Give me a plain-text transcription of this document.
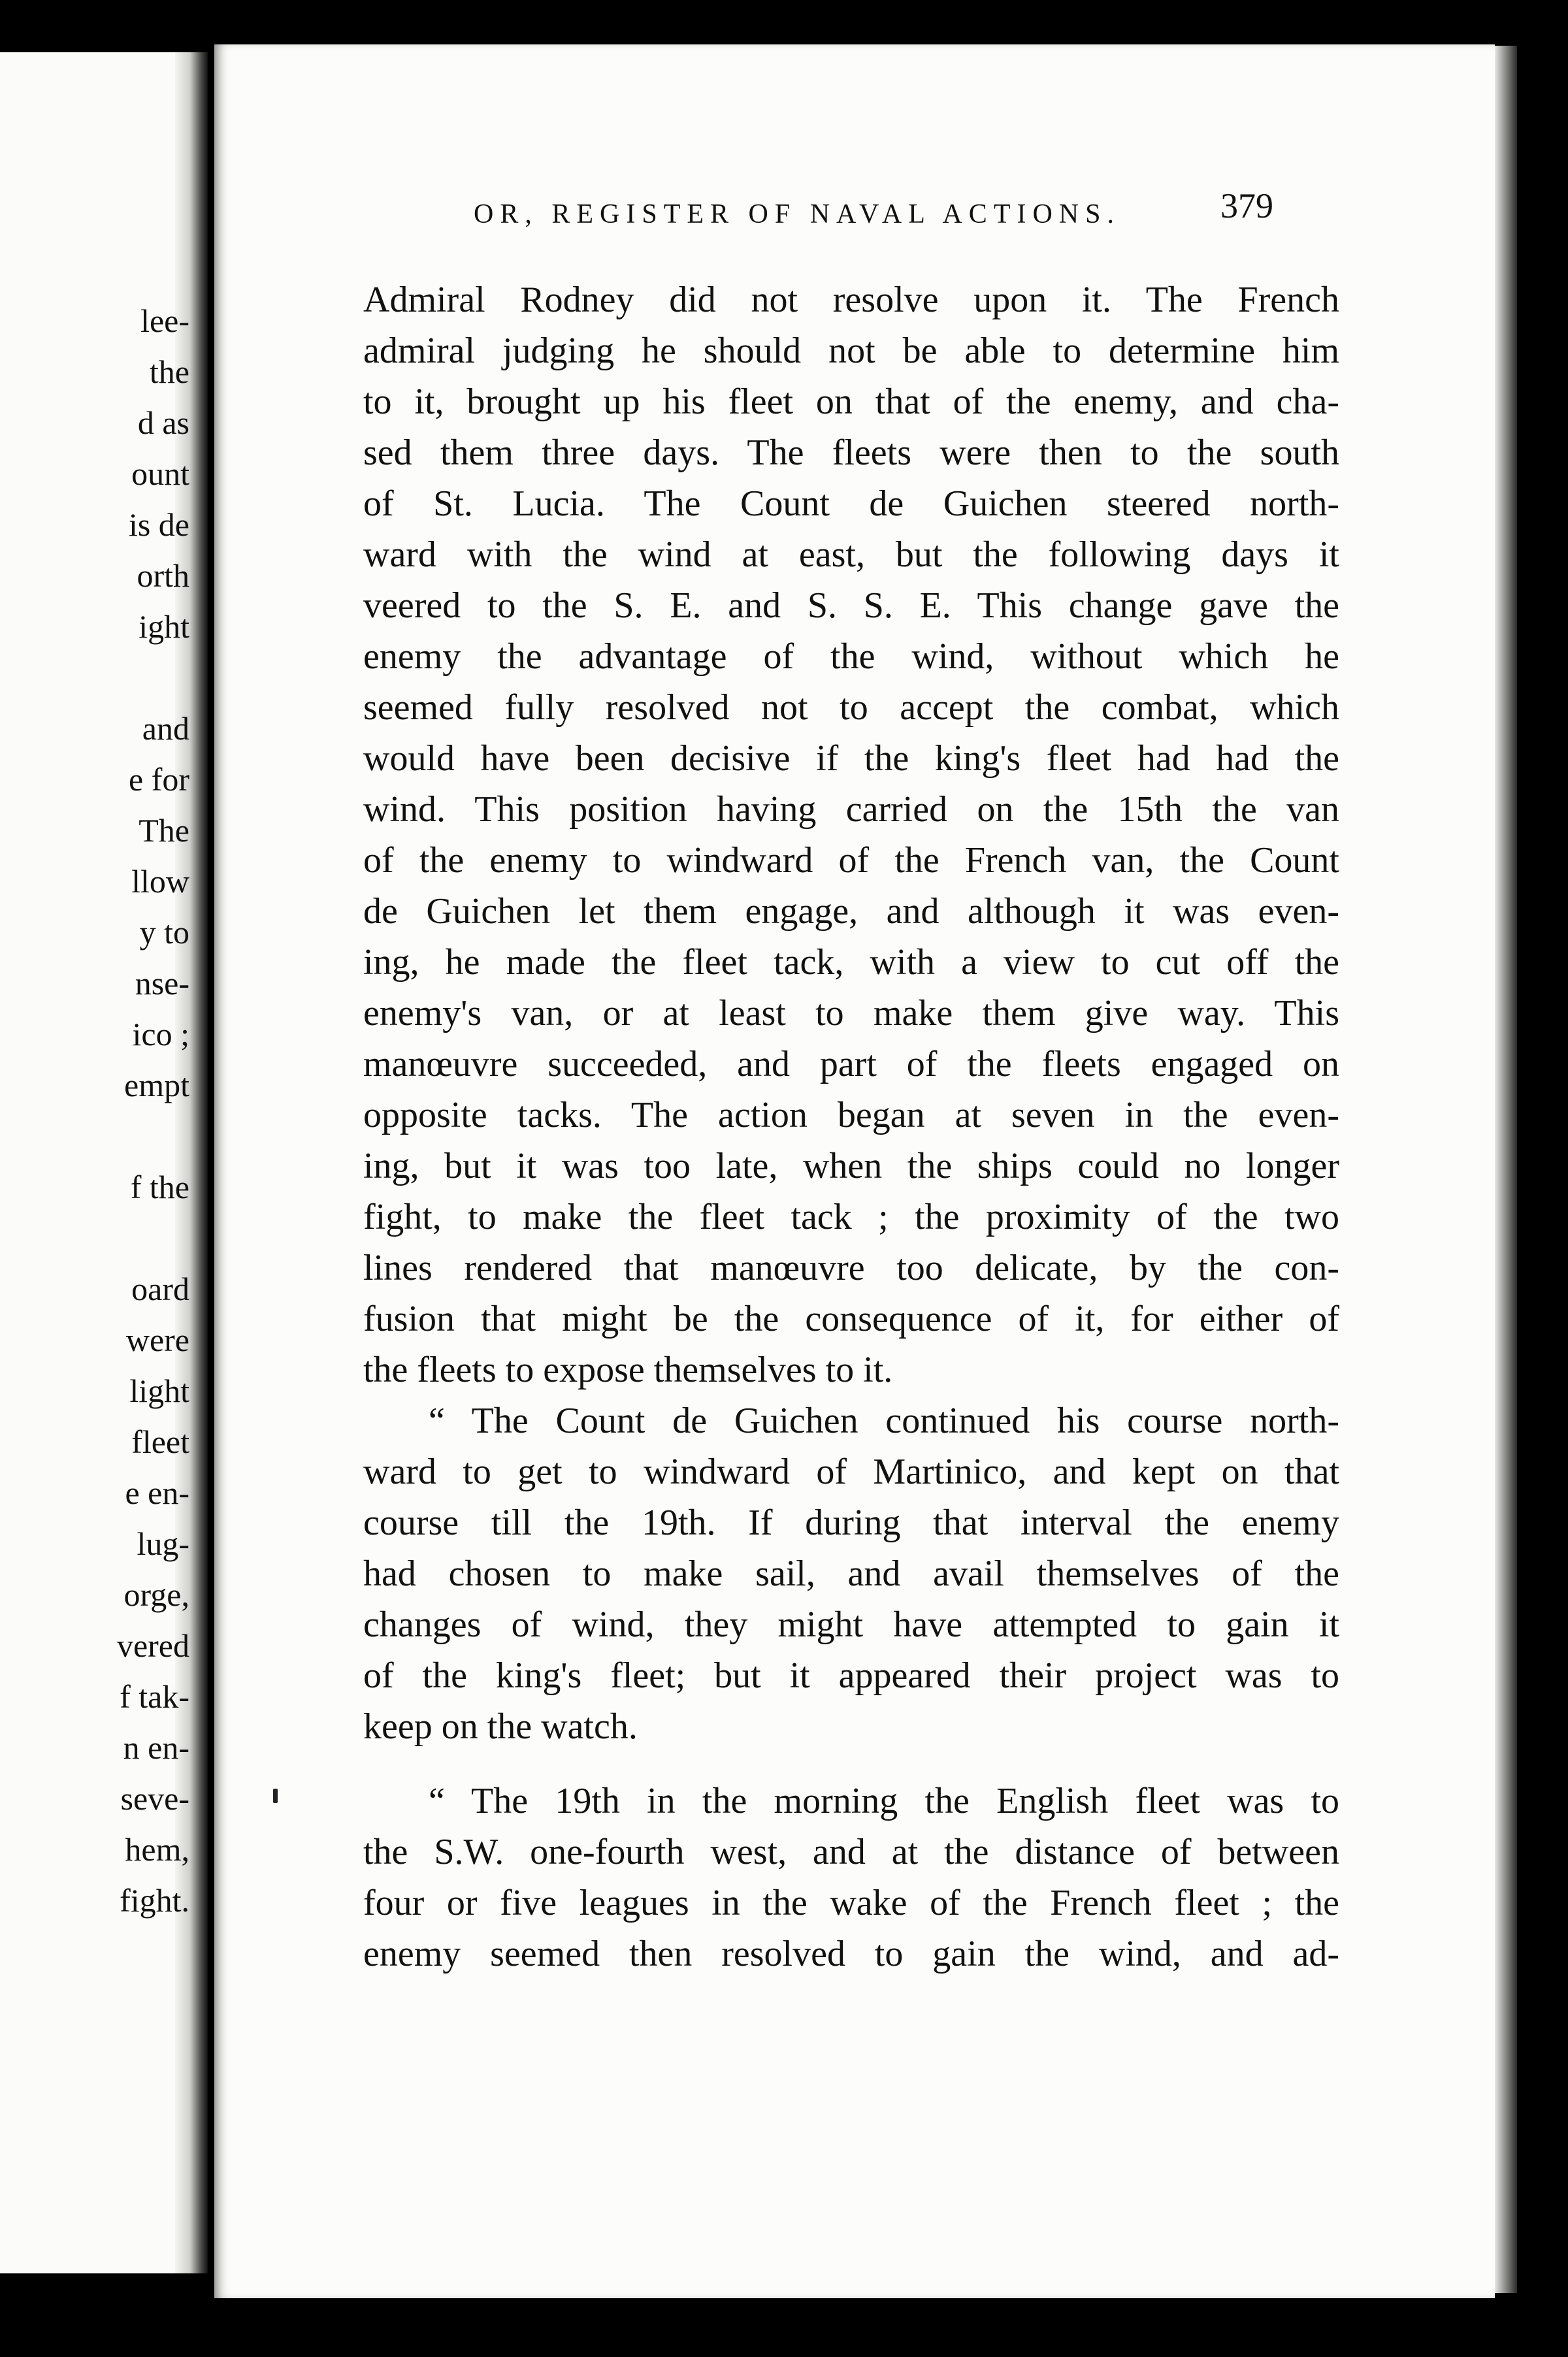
lee-
the
d as
ount
is de
orth
ight
and
e for
The
llow
y to
nse-
ico ;
empt
f the
oard
were
light
fleet
e en-
lug-
orge,
vered
f tak-
n en-
seve-
hem,
fight.
OR, REGISTER OF NAVAL ACTIONS.	379
Admiral Rodney did not resolve upon it. The French
admiral judging he should not be able to determine him
to it, brought up his fleet on that of the enemy, and cha-
sed them three days. The fleets were then to the south
of St. Lucia. The Count de Guichen steered north-
ward with the wind at east, but the following days it
veered to the S. E. and S. S. E. This change gave the
enemy the advantage of the wind, without which he
seemed fully resolved not to accept the combat, which
would have been decisive if the king's fleet had had the
wind. This position having carried on the 15th the van
of the enemy to windward of the French van, the Count
de Guichen let them engage, and although it was even-
ing, he made the fleet tack, with a view to cut off the
enemy's van, or at least to make them give way. This
manœuvre succeeded, and part of the fleets engaged on
opposite tacks. The action began at seven in the even-
ing, but it was too late, when the ships could no longer
fight, to make the fleet tack ; the proximity of the two
lines rendered that manœuvre too delicate, by the con-
fusion that might be the consequence of it, for either of
the fleets to expose themselves to it.
“ The Count de Guichen continued his course north-
ward to get to windward of Martinico, and kept on that
course till the 19th. If during that interval the enemy
had chosen to make sail, and avail themselves of the
changes of wind, they might have attempted to gain it
of the king's fleet; but it appeared their project was to
keep on the watch.
“ The 19th in the morning the English fleet was to
the S.W. one-fourth west, and at the distance of between
four or five leagues in the wake of the French fleet ; the
enemy seemed then resolved to gain the wind, and ad-
